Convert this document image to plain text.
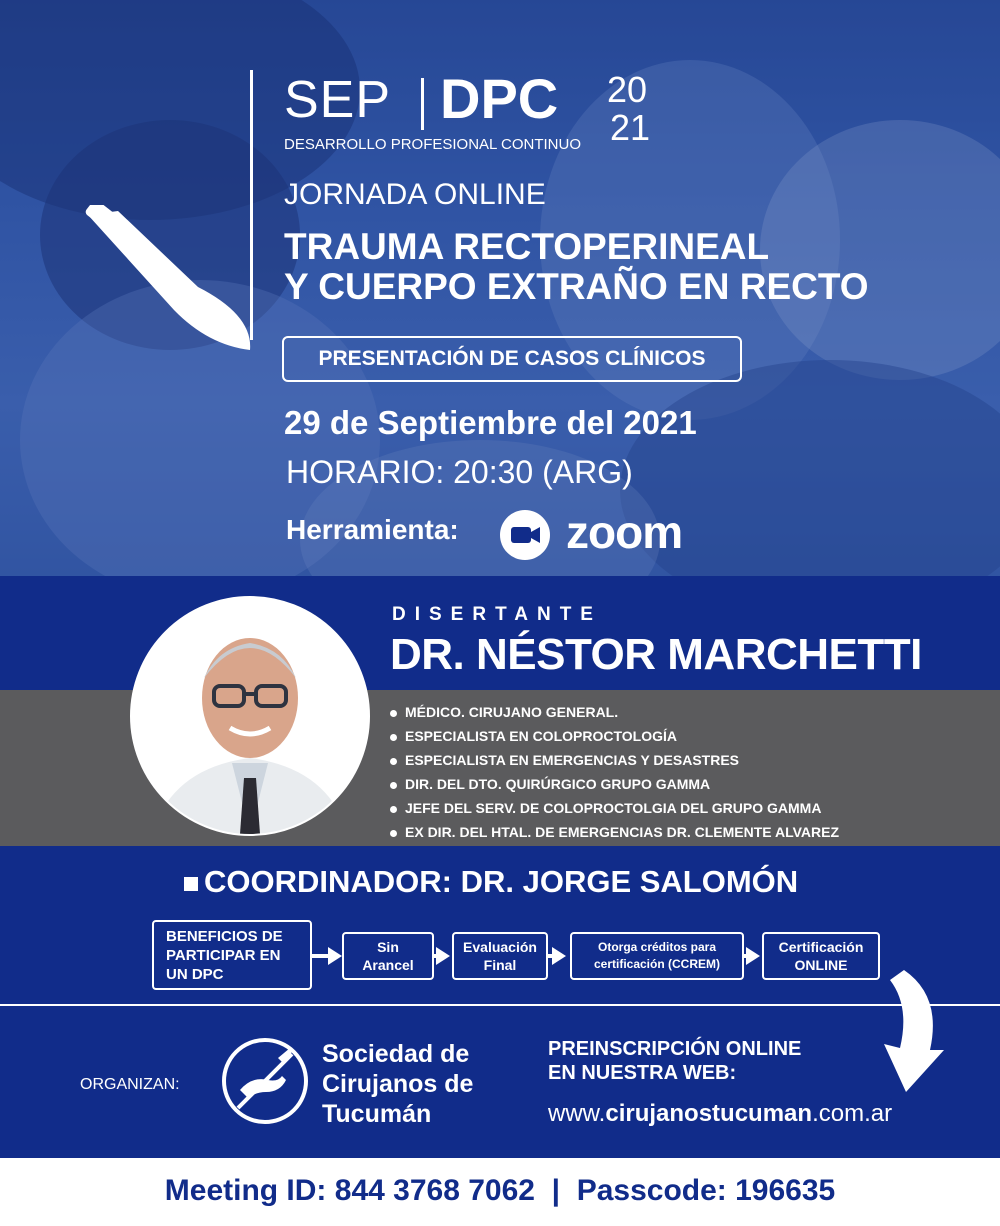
SEP DPC 20
21
DESARROLLO PROFESIONAL CONTINUO
JORNADA ONLINE
TRAUMA RECTOPERINEAL
Y CUERPO EXTRAÑO EN RECTO
PRESENTACIÓN DE CASOS CLÍNICOS
29 de Septiembre del 2021
HORARIO: 20:30 (ARG)
Herramienta: zoom
DISERTANTE
DR. NÉSTOR MARCHETTI
MÉDICO. CIRUJANO GENERAL.
ESPECIALISTA EN COLOPROCTOLOGÍA
ESPECIALISTA EN EMERGENCIAS Y DESASTRES
DIR. DEL DTO. QUIRÚRGICO GRUPO GAMMA
JEFE DEL SERV. DE COLOPROCTOLGIA DEL GRUPO GAMMA
EX DIR. DEL HTAL. DE EMERGENCIAS DR. CLEMENTE ALVAREZ
COORDINADOR: DR. JORGE SALOMÓN
BENEFICIOS DE
PARTICIPAR EN
UN DPC
Sin
Arancel
Evaluación
Final
Otorga créditos para
certificación (CCREM)
Certificación
ONLINE
ORGANIZAN:
Sociedad de
Cirujanos de
Tucumán
PREINSCRIPCIÓN ONLINE
EN NUESTRA WEB:
www.cirujanostucuman.com.ar
Meeting ID: 844 3768 7062  |  Passcode: 196635
